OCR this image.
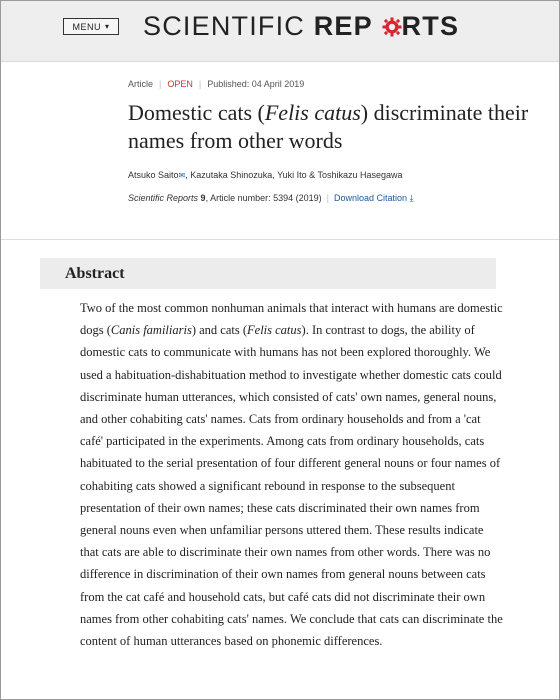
MENU ▾ SCIENTIFIC REP RTS
Article | OPEN | Published: 04 April 2019
Domestic cats (Felis catus) discriminate their names from other words
Atsuko Saito✉, Kazutaka Shinozuka, Yuki Ito & Toshikazu Hasegawa
Scientific Reports 9, Article number: 5394 (2019) | Download Citation ⤓
Abstract

Two of the most common nonhuman animals that interact with humans are domestic dogs (Canis familiaris) and cats (Felis catus). In contrast to dogs, the ability of domestic cats to communicate with humans has not been explored thoroughly. We used a habituation-dishabituation method to investigate whether domestic cats could discriminate human utterances, which consisted of cats' own names, general nouns, and other cohabiting cats' names. Cats from ordinary households and from a 'cat café' participated in the experiments. Among cats from ordinary households, cats habituated to the serial presentation of four different general nouns or four names of cohabiting cats showed a significant rebound in response to the subsequent presentation of their own names; these cats discriminated their own names from general nouns even when unfamiliar persons uttered them. These results indicate that cats are able to discriminate their own names from other words. There was no difference in discrimination of their own names from general nouns between cats from the cat café and household cats, but café cats did not discriminate their own names from other cohabiting cats' names. We conclude that cats can discriminate the content of human utterances based on phonemic differences.
